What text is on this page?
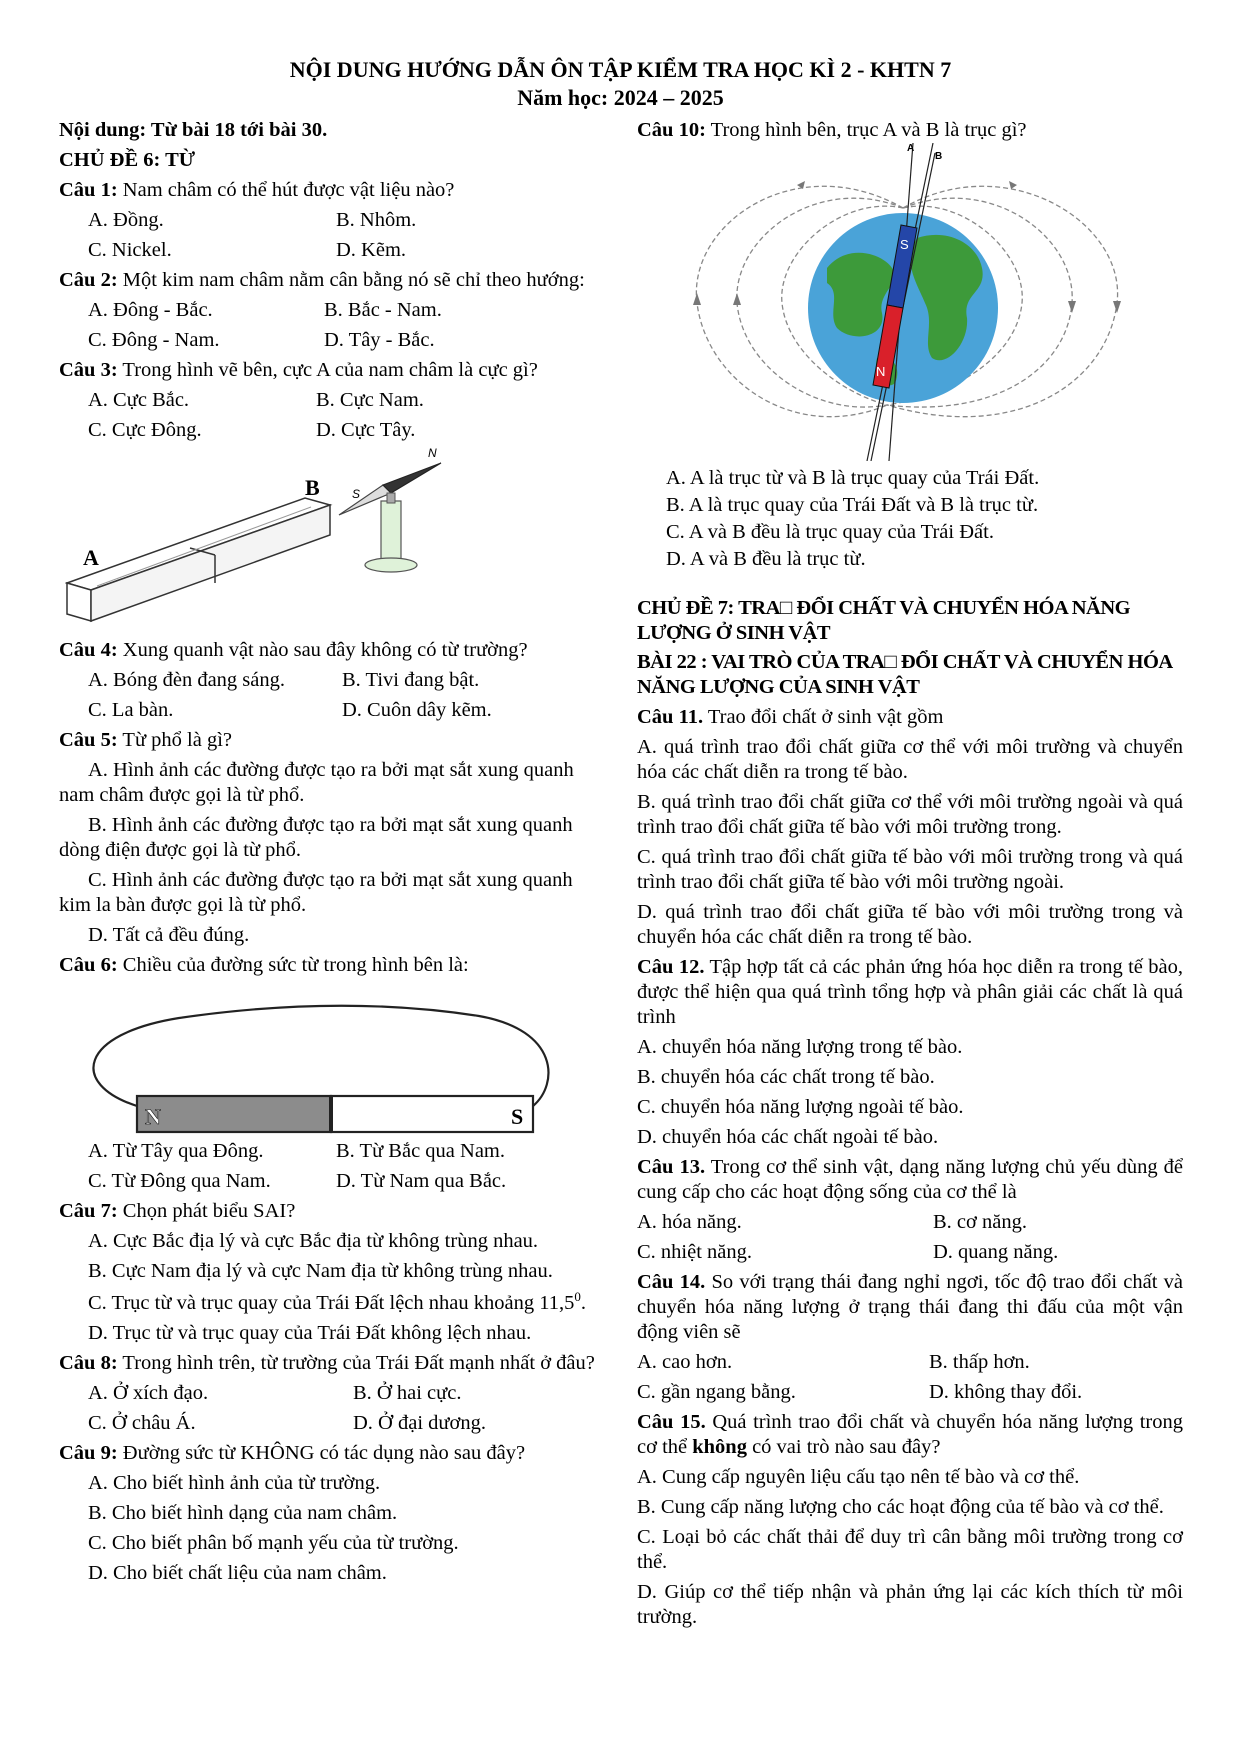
NỘI DUNG HƯỚNG DẪN ÔN TẬP KIỂM TRA HỌC KÌ 2 - KHTN 7
Năm học: 2024 – 2025

Nội dung: Từ bài 18 tới bài 30.

CHỦ ĐỀ 6: TỪ

Câu 1: Nam châm có thể hút được vật liệu nào?

A. Đồng.	B. Nhôm.
C. Nickel.	D. Kẽm.

Câu 2: Một kim nam châm nằm cân bằng nó sẽ chỉ theo hướng:

A. Đông - Bắc.	B. Bắc - Nam.
C. Đông - Nam.	D. Tây - Bắc.

Câu 3: Trong hình vẽ bên, cực A của nam châm là cực gì?

A. Cực Bắc.	B. Cực Nam.
C. Cực Đông.	D. Cực Tây.
A
B	S
N

Câu 4: Xung quanh vật nào sau đây không có từ trường?

A. Bóng đèn đang sáng.	B. Tivi đang bật.
C. La bàn.	D. Cuôn dây kẽm.

Câu 5: Từ phổ là gì?

A. Hình ảnh các đường được tạo ra bởi mạt sắt xung quanh nam châm được gọi là từ phổ.

B. Hình ảnh các đường được tạo ra bởi mạt sắt xung quanh dòng điện được gọi là từ phổ.

C. Hình ảnh các đường được tạo ra bởi mạt sắt xung quanh kim la bàn được gọi là từ phổ.

D. Tất cả đều đúng.

Câu 6: Chiều của đường sức từ trong hình bên là:

N	S
A. Từ Tây qua Đông.	B. Từ Bắc qua Nam.
C. Từ Đông qua Nam.	D. Từ Nam qua Bắc.

Câu 7: Chọn phát biểu SAI?

A. Cực Bắc địa lý và cực Bắc địa từ không trùng nhau.

B. Cực Nam địa lý và cực Nam địa từ không trùng nhau.

C. Trục từ và trục quay của Trái Đất lệch nhau khoảng 11,5$^0$.

D. Trục từ và trục quay của Trái Đất không lệch nhau.

Câu 8: Trong hình trên, từ trường của Trái Đất mạnh nhất ở đâu?

A. Ở xích đạo.	B. Ở hai cực.
C. Ở châu Á.	D. Ở đại dương.

Câu 9: Đường sức từ KHÔNG có tác dụng nào sau đây?

A. Cho biết hình ảnh của từ trường.

B. Cho biết hình dạng của nam châm.

C. Cho biết phân bố mạnh yếu của từ trường.

D. Cho biết chất liệu của nam châm.

Câu 10: Trong hình bên, trục A và B là trục gì?

S
N
A
B

A. A là trục từ và B là trục quay của Trái Đất.

B. A là trục quay của Trái Đất và B là trục từ.

C. A và B đều là trục quay của Trái Đất.

D. A và B đều là trục từ.

CHỦ ĐỀ 7: TRA□ ĐỔI CHẤT VÀ CHUYỂN HÓA NĂNG LƯỢNG Ở SINH VẬT

BÀI 22 : VAI TRÒ CỦA TRA□ ĐỔI CHẤT VÀ CHUYỂN HÓA NĂNG LƯỢNG CỦA SINH VẬT

Câu 11. Trao đổi chất ở sinh vật gồm

A. quá trình trao đổi chất giữa cơ thể với môi trường và chuyển hóa các chất diễn ra trong tế bào.

B. quá trình trao đổi chất giữa cơ thể với môi trường ngoài và quá trình trao đổi chất giữa tế bào với môi trường trong.

C. quá trình trao đổi chất giữa tế bào với môi trường trong và quá trình trao đổi chất giữa tế bào với môi trường ngoài.

D. quá trình trao đổi chất giữa tế bào với môi trường trong và chuyển hóa các chất diễn ra trong tế bào.

Câu 12. Tập hợp tất cả các phản ứng hóa học diễn ra trong tế bào, được thể hiện qua quá trình tổng hợp và phân giải các chất là quá trình

A. chuyển hóa năng lượng trong tế bào.

B. chuyển hóa các chất trong tế bào.

C. chuyển hóa năng lượng ngoài tế bào.

D. chuyển hóa các chất ngoài tế bào.

Câu 13. Trong cơ thể sinh vật, dạng năng lượng chủ yếu dùng để cung cấp cho các hoạt động sống của cơ thể là

A. hóa năng.	B. cơ năng.
C. nhiệt năng.	D. quang năng.

Câu 14. So với trạng thái đang nghỉ ngơi, tốc độ trao đổi chất và chuyển hóa năng lượng ở trạng thái đang thi đấu của một vận động viên sẽ

A. cao hơn.	B. thấp hơn.
C. gần ngang bằng.	D. không thay đổi.

Câu 15. Quá trình trao đổi chất và chuyển hóa năng lượng trong cơ thể không có vai trò nào sau đây?

A. Cung cấp nguyên liệu cấu tạo nên tế bào và cơ thể.

B. Cung cấp năng lượng cho các hoạt động của tế bào và cơ thể.

C. Loại bỏ các chất thải để duy trì cân bằng môi trường trong cơ thể.

D. Giúp cơ thể tiếp nhận và phản ứng lại các kích thích từ môi trường.
